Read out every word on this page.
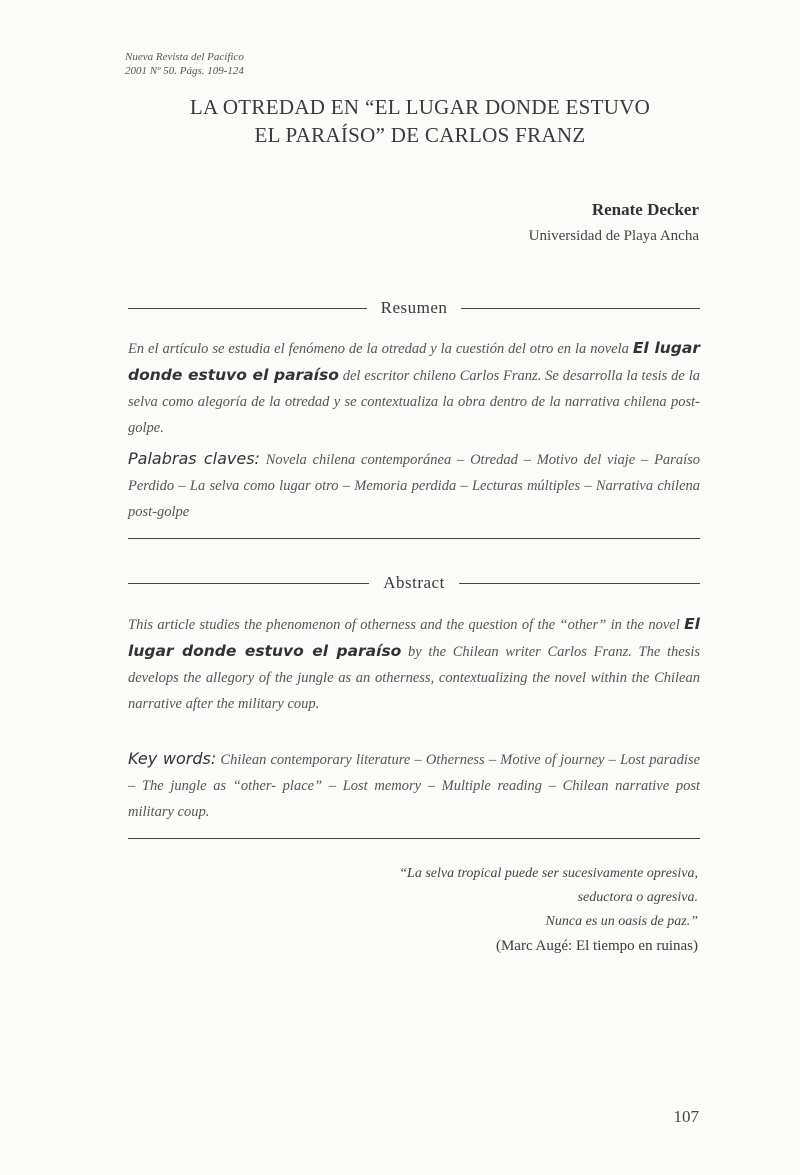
Nueva Revista del Pacífico
2001 Nº 50. Págs. 109-124
LA OTREDAD EN “EL LUGAR DONDE ESTUVO
EL PARAÍSO” DE CARLOS FRANZ
Renate Decker
Universidad de Playa Ancha
Resumen
En el artículo se estudia el fenómeno de la otredad y la cuestión del otro en la novela El lugar donde estuvo el paraíso del escritor chileno Carlos Franz. Se desarrolla la tesis de la selva como alegoría de la otredad y se contextualiza la obra dentro de la narrativa chilena post-golpe.
Palabras claves: Novela chilena contemporánea – Otredad – Motivo del viaje – Paraíso Perdido – La selva como lugar otro – Memoria perdida – Lecturas múltiples – Narrativa chilena post-golpe
Abstract
This article studies the phenomenon of otherness and the question of the “other” in the novel El lugar donde estuvo el paraíso by the Chilean writer Carlos Franz. The thesis develops the allegory of the jungle as an otherness, contextualizing the novel within the Chilean narrative after the military coup.
Key words: Chilean contemporary literature – Otherness – Motive of journey – Lost paradise – The jungle as “other- place” – Lost memory – Multiple reading – Chilean narrative post military coup.
“La selva tropical puede ser sucesivamente opresiva,
seductora o agresiva.
Nunca es un oasis de paz.”
(Marc Augé: El tiempo en ruinas)
107
